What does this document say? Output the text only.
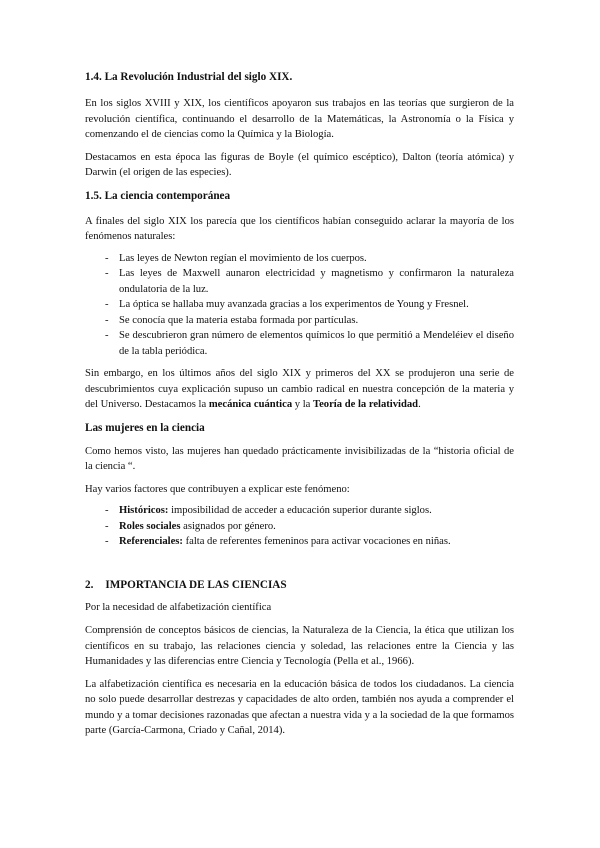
1.4. La Revolución Industrial del siglo XIX.

En los siglos XVIII y XIX, los científicos apoyaron sus trabajos en las teorías que surgieron de la revolución científica, continuando el desarrollo de la Matemáticas, la Astronomía o la Física y comenzando el de ciencias como la Química y la Biología.

Destacamos en esta época las figuras de Boyle (el químico escéptico), Dalton (teoría atómica) y Darwin (el origen de las especies).

1.5. La ciencia contemporánea

A finales del siglo XIX los parecía que los científicos habían conseguido aclarar la mayoría de los fenómenos naturales:

- Las leyes de Newton regían el movimiento de los cuerpos.
- Las leyes de Maxwell aunaron electricidad y magnetismo y confirmaron la naturaleza ondulatoria de la luz.
- La óptica se hallaba muy avanzada gracias a los experimentos de Young y Fresnel.
- Se conocía que la materia estaba formada por partículas.
- Se descubrieron gran número de elementos químicos lo que permitió a Mendeléiev el diseño de la tabla periódica.

Sin embargo, en los últimos años del siglo XIX y primeros del XX se produjeron una serie de descubrimientos cuya explicación supuso un cambio radical en nuestra concepción de la materia y del Universo. Destacamos la mecánica cuántica y la Teoría de la relatividad.

Las mujeres en la ciencia

Como hemos visto, las mujeres han quedado prácticamente invisibilizadas de la “historia oficial de la ciencia “.

Hay varios factores que contribuyen a explicar este fenómeno:

- Históricos: imposibilidad de acceder a educación superior durante siglos.
- Roles sociales asignados por género.
- Referenciales: falta de referentes femeninos para activar vocaciones en niñas.
2. IMPORTANCIA DE LAS CIENCIAS

Por la necesidad de alfabetización científica

Comprensión de conceptos básicos de ciencias, la Naturaleza de la Ciencia, la ética que utilizan los científicos en su trabajo, las relaciones ciencia y soledad, las relaciones entre la Ciencia y las Humanidades y las diferencias entre Ciencia y Tecnología (Pella et al., 1966).

La alfabetización científica es necesaria en la educación básica de todos los ciudadanos. La ciencia no solo puede desarrollar destrezas y capacidades de alto orden, también nos ayuda a comprender el mundo y a tomar decisiones razonadas que afectan a nuestra vida y a la sociedad de la que formamos parte (García-Carmona, Criado y Cañal, 2014).
